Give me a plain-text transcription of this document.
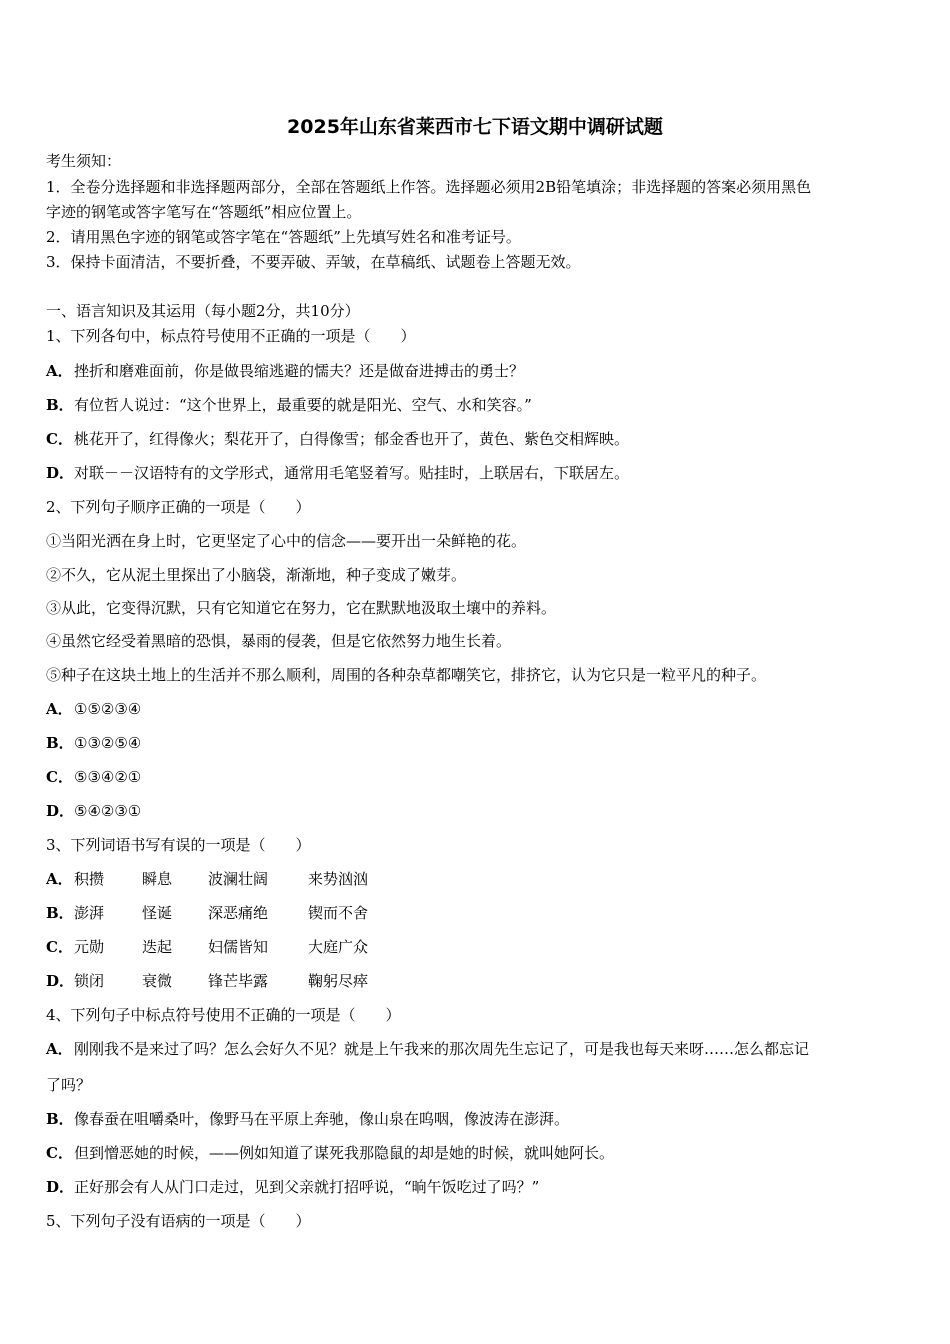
2025年山东省莱西市七下语文期中调研试题
考生须知：
1．全卷分选择题和非选择题两部分，全部在答题纸上作答。选择题必须用2B铅笔填涂；非选择题的答案必须用黑色
字迹的钢笔或答字笔写在“答题纸”相应位置上。
2．请用黑色字迹的钢笔或答字笔在“答题纸”上先填写姓名和准考证号。
3．保持卡面清洁，不要折叠，不要弄破、弄皱，在草稿纸、试题卷上答题无效。
一、语言知识及其运用（每小题2分，共10分）
1、下列各句中，标点符号使用不正确的一项是（　　）
A．挫折和磨难面前，你是做畏缩逃避的懦夫？还是做奋进搏击的勇士？
B．有位哲人说过：“这个世界上，最重要的就是阳光、空气、水和笑容。”
C．桃花开了，红得像火；梨花开了，白得像雪；郁金香也开了，黄色、紫色交相辉映。
D．对联－－汉语特有的文学形式，通常用毛笔竖着写。贴挂时，上联居右，下联居左。
2、下列句子顺序正确的一项是（　　）
①当阳光洒在身上时，它更坚定了心中的信念——要开出一朵鲜艳的花。
②不久，它从泥土里探出了小脑袋，渐渐地，种子变成了嫩芽。
③从此，它变得沉默，只有它知道它在努力，它在默默地汲取土壤中的养料。
④虽然它经受着黑暗的恐惧，暴雨的侵袭，但是它依然努力地生长着。
⑤种子在这块土地上的生活并不那么顺利，周围的各种杂草都嘲笑它，排挤它，认为它只是一粒平凡的种子。
A．①⑤②③④
B．①③②⑤④
C．⑤③④②①
D．⑤④②③①
3、下列词语书写有误的一项是（　　）
A．积攒	瞬息 波澜壮阔	来势汹汹
B．澎湃	怪诞 深恶痛绝	锲而不舍
C．元勋	迭起 妇儒皆知	大庭广众
D．锁闭	衰微 锋芒毕露	鞠躬尽瘁
4、下列句子中标点符号使用不正确的一项是（　　）
A．刚刚我不是来过了吗？怎么会好久不见？就是上午我来的那次周先生忘记了，可是我也每天来呀……怎么都忘记
了吗？
B．像春蚕在咀嚼桑叶，像野马在平原上奔驰，像山泉在呜咽，像波涛在澎湃。
C．但到憎恶她的时候，——例如知道了谋死我那隐鼠的却是她的时候，就叫她阿长。
D．正好那会有人从门口走过，见到父亲就打招呼说，“晌午饭吃过了吗？”
5、下列句子没有语病的一项是（　　）
